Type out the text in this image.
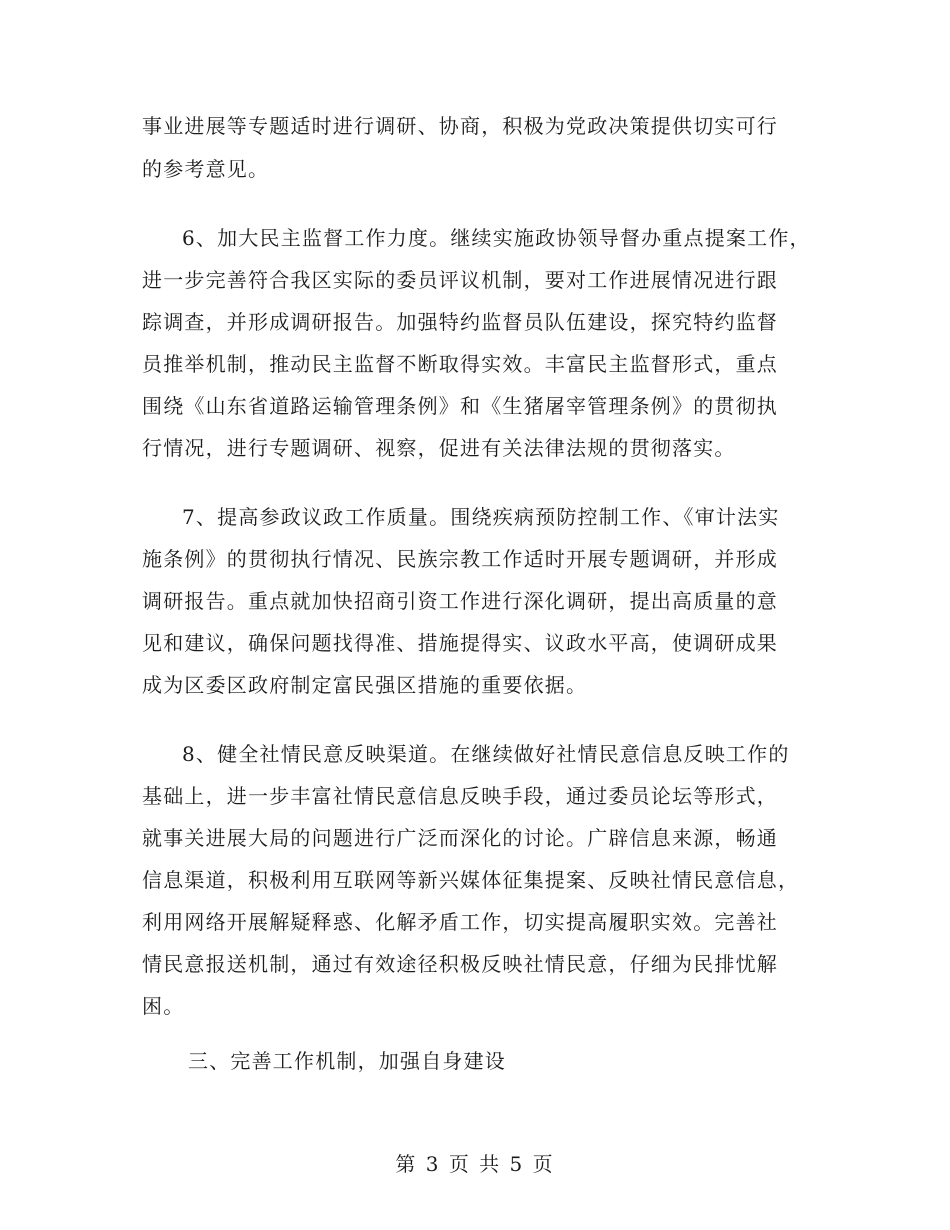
事业进展等专题适时进行调研、协商，积极为党政决策提供切实可行
的参考意见。
6、加大民主监督工作力度。继续实施政协领导督办重点提案工作，
进一步完善符合我区实际的委员评议机制，要对工作进展情况进行跟
踪调查，并形成调研报告。加强特约监督员队伍建设，探究特约监督
员推举机制，推动民主监督不断取得实效。丰富民主监督形式，重点
围绕《山东省道路运输管理条例》和《生猪屠宰管理条例》的贯彻执
行情况，进行专题调研、视察，促进有关法律法规的贯彻落实。
7、提高参政议政工作质量。围绕疾病预防控制工作、《审计法实
施条例》的贯彻执行情况、民族宗教工作适时开展专题调研，并形成
调研报告。重点就加快招商引资工作进行深化调研，提出高质量的意
见和建议，确保问题找得准、措施提得实、议政水平高，使调研成果
成为区委区政府制定富民强区措施的重要依据。
8、健全社情民意反映渠道。在继续做好社情民意信息反映工作的
基础上，进一步丰富社情民意信息反映手段，通过委员论坛等形式，
就事关进展大局的问题进行广泛而深化的讨论。广辟信息来源，畅通
信息渠道，积极利用互联网等新兴媒体征集提案、反映社情民意信息，
利用网络开展解疑释惑、化解矛盾工作，切实提高履职实效。完善社
情民意报送机制，通过有效途径积极反映社情民意，仔细为民排忧解
困。
三、完善工作机制，加强自身建设
第 3 页 共 5 页
